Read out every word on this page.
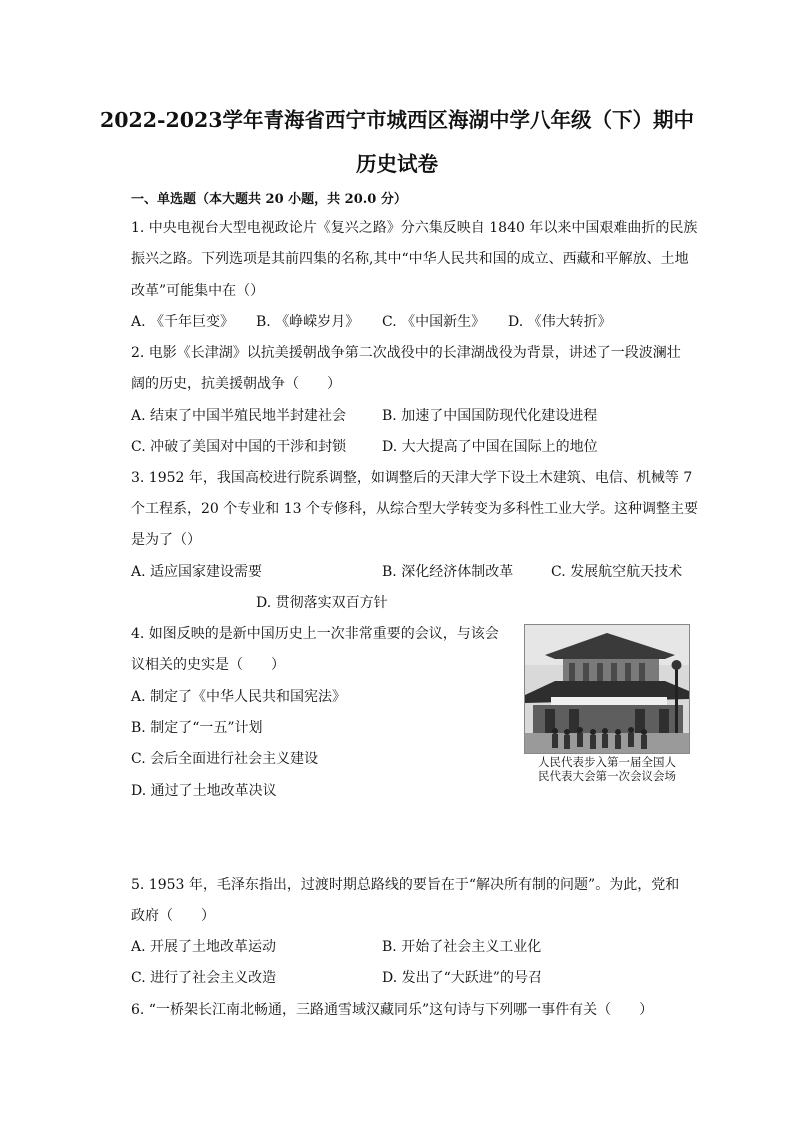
2022-2023学年青海省西宁市城西区海湖中学八年级（下）期中
历史试卷
一、单选题（本大题共 20 小题，共 20.0 分）
1. 中央电视台大型电视政论片《复兴之路》分六集反映自 1840 年以来中国艰难曲折的民族
振兴之路。下列选项是其前四集的名称,其中“中华人民共和国的成立、西藏和平解放、土地
改革”可能集中在（）
A. 《千年巨变》 B. 《峥嵘岁月》 C. 《中国新生》 D. 《伟大转折》
2. 电影《长津湖》以抗美援朝战争第二次战役中的长津湖战役为背景，讲述了一段波澜壮
阔的历史，抗美援朝战争（　　）
A. 结束了中国半殖民地半封建社会	B. 加速了中国国防现代化建设进程
C. 冲破了美国对中国的干涉和封锁	D. 大大提高了中国在国际上的地位
3. 1952 年，我国高校进行院系调整，如调整后的天津大学下设土木建筑、电信、机械等 7
个工程系，20 个专业和 13 个专修科，从综合型大学转变为多科性工业大学。这种调整主要
是为了（）
A. 适应国家建设需要	B. 深化经济体制改革	C. 发展航空航天技术
D. 贯彻落实双百方针
4. 如图反映的是新中国历史上一次非常重要的会议，与该会
议相关的史实是（　　）
A. 制定了《中华人民共和国宪法》
B. 制定了“一五”计划
C. 会后全面进行社会主义建设
D. 通过了土地改革决议
人民代表步入第一届全国人
民代表大会第一次会议会场
5. 1953 年，毛泽东指出，过渡时期总路线的要旨在于“解决所有制的问题”。为此，党和
政府（　　）
A. 开展了土地改革运动	B. 开始了社会主义工业化
C. 进行了社会主义改造	D. 发出了“大跃进”的号召
6. “一桥架长江南北畅通，三路通雪域汉藏同乐”这句诗与下列哪一事件有关（　　）
